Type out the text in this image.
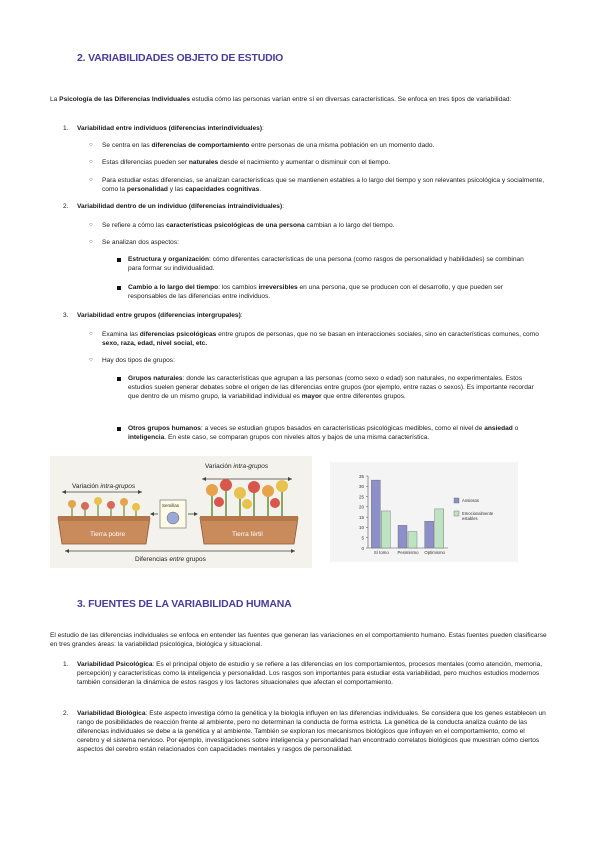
2. VARIABILIDADES OBJETO DE ESTUDIO
La Psicología de las Diferencias Individuales estudia cómo las personas varían entre sí en diversas características. Se enfoca en tres tipos de variabilidad:
1. Variabilidad entre individuos (diferencias interindividuales):
○ Se centra en las diferencias de comportamiento entre personas de una misma población en un momento dado.
○ Estas diferencias pueden ser naturales desde el nacimiento y aumentar o disminuir con el tiempo.
○ Para estudiar estas diferencias, se analizan características que se mantienen estables a lo largo del tiempo y son relevantes psicológica y socialmente, como la personalidad y las capacidades cognitivas.
2. Variabilidad dentro de un individuo (diferencias intraindividuales):
○ Se refiere a cómo las características psicológicas de una persona cambian a lo largo del tiempo.
○ Se analizan dos aspectos:
Estructura y organización: cómo diferentes características de una persona (como rasgos de personalidad y habilidades) se combinan para formar su individualidad.
Cambio a lo largo del tiempo: los cambios irreversibles en una persona, que se producen con el desarrollo, y que pueden ser responsables de las diferencias entre individuos.
3. Variabilidad entre grupos (diferencias intergrupales):
○ Examina las diferencias psicológicas entre grupos de personas, que no se basan en interacciones sociales, sino en características comunes, como sexo, raza, edad, nivel social, etc.
○ Hay dos tipos de grupos:
Grupos naturales: donde las características que agrupan a las personas (como sexo o edad) son naturales, no experimentales. Estos estudios suelen generar debates sobre el origen de las diferencias entre grupos (por ejemplo, entre razas o sexos). Es importante recordar que dentro de un mismo grupo, la variabilidad individual es mayor que entre diferentes grupos.
Otros grupos humanos: a veces se estudian grupos basados en características psicológicas medibles, como el nivel de ansiedad o inteligencia. En este caso, se comparan grupos con niveles altos y bajos de una misma característica.
Variación intra-grupos
Variación intra-grupos
Tierra pobre
Semillas
Tierra fértil
Diferencias entre grupos
0
5
10
15
20
25
30
35
Sí tomo Pesimismo Optimismo
Ansiosos
Emocionalmente
estables
3. FUENTES DE LA VARIABILIDAD HUMANA
El estudio de las diferencias individuales se enfoca en entender las fuentes que generan las variaciones en el comportamiento humano. Estas fuentes pueden clasificarse en tres grandes áreas: la variabilidad psicológica, biológica y situacional.
1. Variabilidad Psicológica: Es el principal objeto de estudio y se refiere a las diferencias en los comportamientos, procesos mentales (como atención, memoria, percepción) y características como la inteligencia y personalidad. Los rasgos son importantes para estudiar esta variabilidad, pero muchos estudios modernos también consideran la dinámica de estos rasgos y los factores situacionales que afectan el comportamiento.
2. Variabilidad Biológica: Este aspecto investiga cómo la genética y la biología influyen en las diferencias individuales. Se considera que los genes establecen un rango de posibilidades de reacción frente al ambiente, pero no determinan la conducta de forma estricta. La genética de la conducta analiza cuánto de las diferencias individuales se debe a la genética y al ambiente. También se exploran los mecanismos biológicos que influyen en el comportamiento, como el cerebro y el sistema nervioso. Por ejemplo, investigaciones sobre inteligencia y personalidad han encontrado correlatos biológicos que muestran cómo ciertos aspectos del cerebro están relacionados con capacidades mentales y rasgos de personalidad.
